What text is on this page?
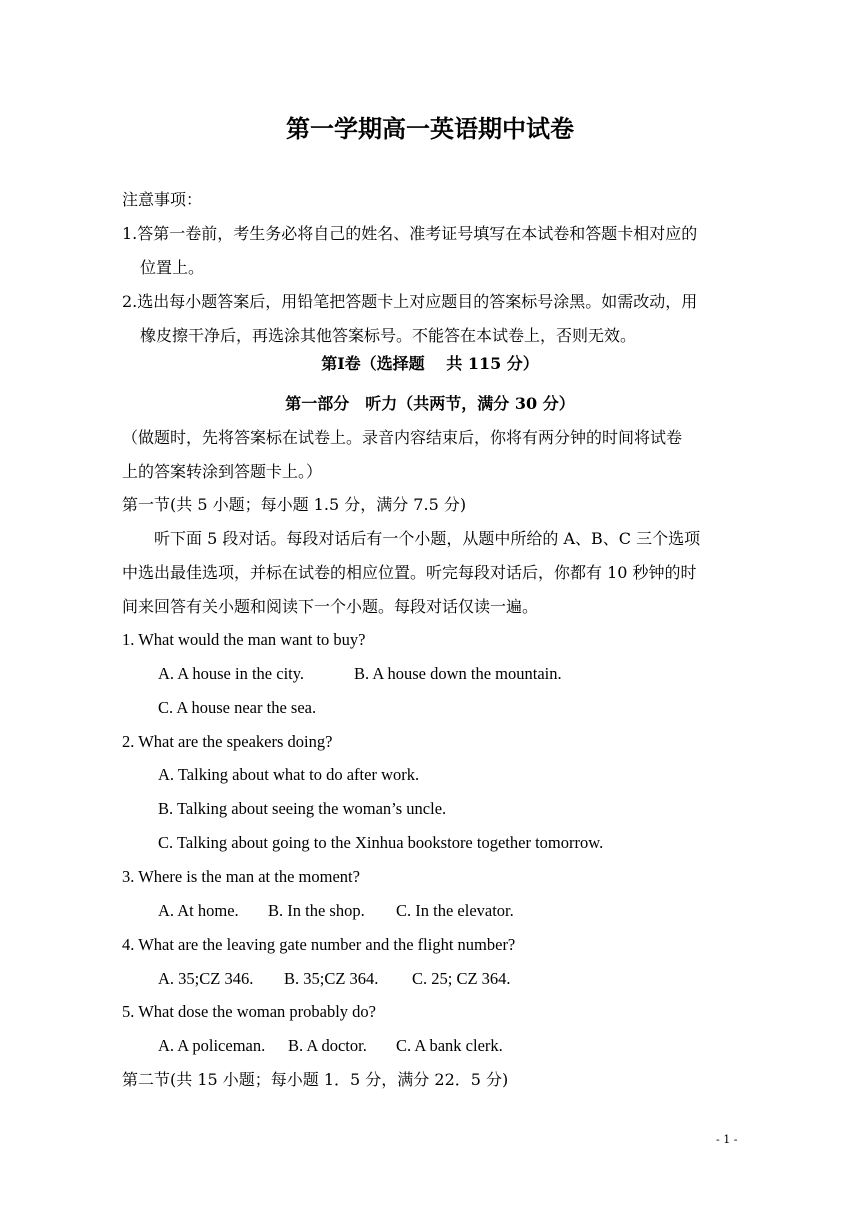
第一学期高一英语期中试卷
注意事项：
1.答第一卷前，考生务必将自己的姓名、准考证号填写在本试卷和答题卡相对应的
位置上。
2.选出每小题答案后，用铅笔把答题卡上对应题目的答案标号涂黑。如需改动，用
橡皮擦干净后，再选涂其他答案标号。不能答在本试卷上，否则无效。
第Ⅰ卷（选择题　 共 115 分）
第一部分　听力（共两节，满分 30 分）
（做题时，先将答案标在试卷上。录音内容结束后，你将有两分钟的时间将试卷
上的答案转涂到答题卡上。）
第一节(共 5 小题；每小题 1.5 分，满分 7.5 分)
听下面 5 段对话。每段对话后有一个小题，从题中所给的 A、B、C 三个选项
中选出最佳选项，并标在试卷的相应位置。听完每段对话后，你都有 10 秒钟的时
间来回答有关小题和阅读下一个小题。每段对话仅读一遍。
1. What would the man want to buy?
A. A house in the city.	B. A house down the mountain.
C. A house near the sea.
2. What are the speakers doing?
A. Talking about what to do after work.
B. Talking about seeing the woman’s uncle.
C. Talking about going to the Xinhua bookstore together tomorrow.
3. Where is the man at the moment?
A. At home. B. In the shop. C. In the elevator.
4. What are the leaving gate number and the flight number?
A. 35;CZ 346. B. 35;CZ 364. C. 25; CZ 364.
5. What dose the woman probably do?
A. A policeman. B. A doctor. C. A bank clerk.
第二节(共 15 小题；每小题 1．5 分，满分 22．5 分)
- 1 -
